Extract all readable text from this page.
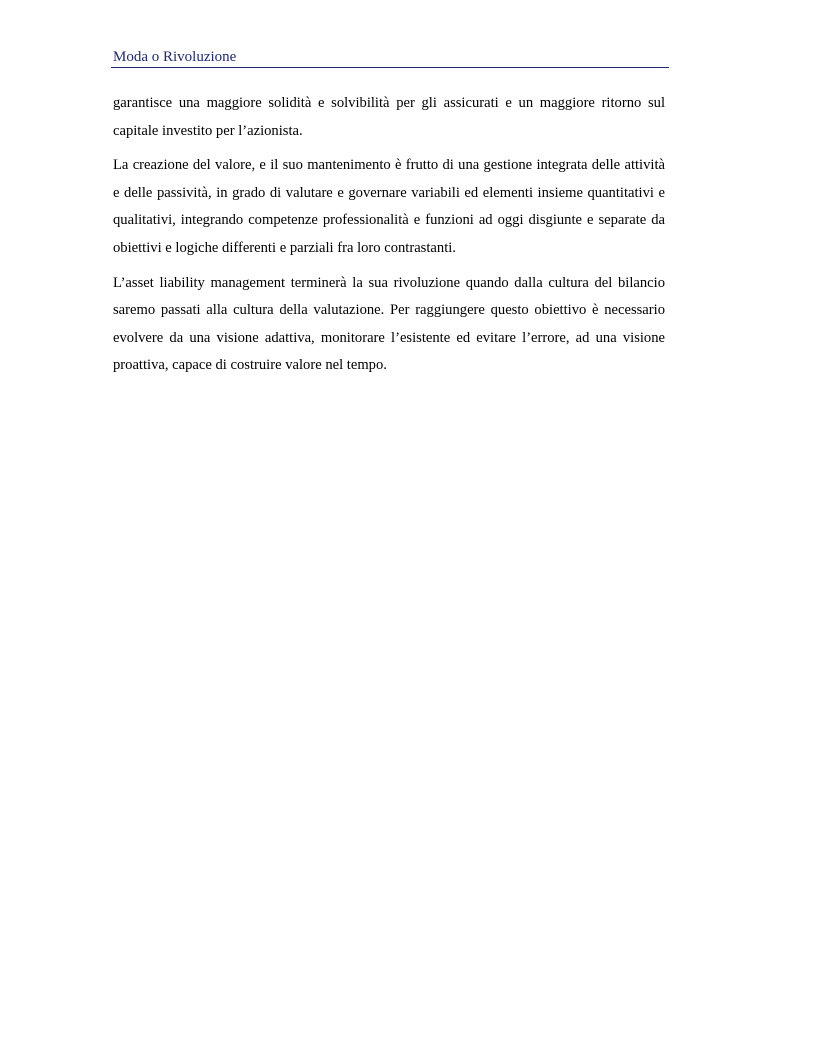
Moda o Rivoluzione

garantisce una maggiore solidità e solvibilità per gli assicurati e un maggiore ritorno sul capitale investito per l’azionista.

La creazione del valore, e il suo mantenimento è frutto di una gestione integrata delle attività e delle passività, in grado di valutare e governare variabili ed elementi insieme quantitativi e qualitativi, integrando competenze professionalità e funzioni ad oggi disgiunte e separate da obiettivi e logiche differenti e parziali fra loro contrastanti.

L’asset liability management terminerà la sua rivoluzione quando dalla cultura del bilancio saremo passati alla cultura della valutazione. Per raggiungere questo obiettivo è necessario evolvere da una visione adattiva, monitorare l’esistente ed evitare l’errore, ad una visione proattiva, capace di costruire valore nel tempo.
